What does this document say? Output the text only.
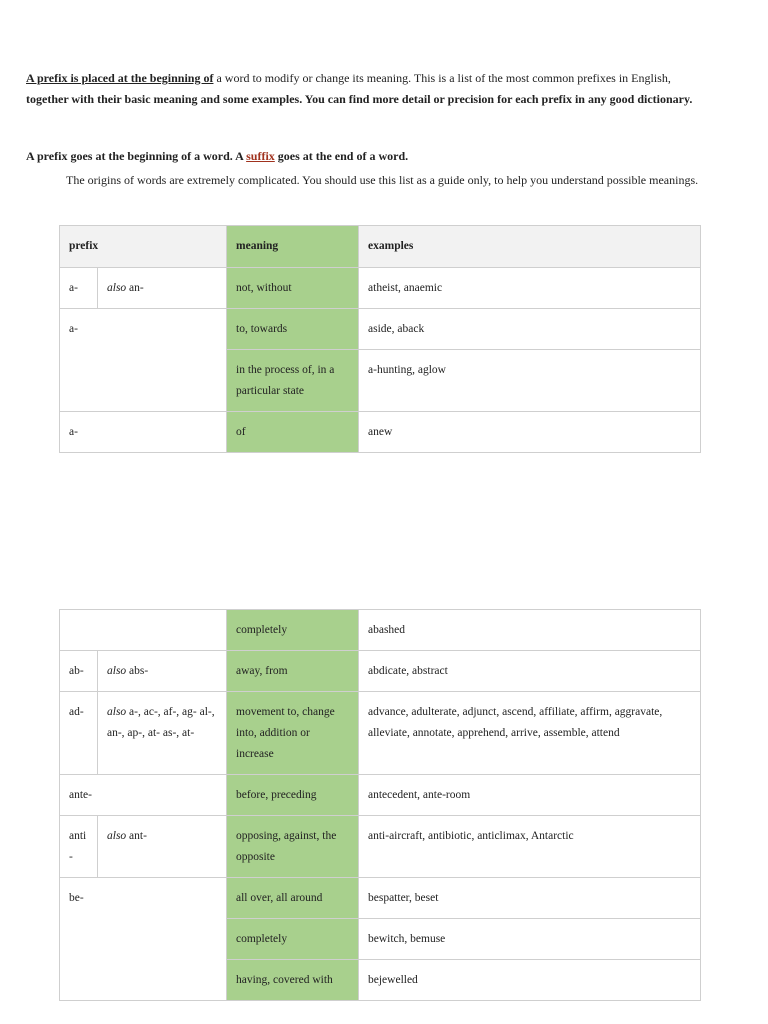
A prefix is placed at the beginning of a word to modify or change its meaning. This is a list of the most common prefixes in English, together with their basic meaning and some examples. You can find more detail or precision for each prefix in any good dictionary.

A prefix goes at the beginning of a word. A suffix goes at the end of a word.

The origins of words are extremely complicated. You should use this list as a guide only, to help you understand possible meanings.

prefix		meaning	examples
a-	also an-	not, without	atheist, anaemic
a-		to, towards	aside, aback
		in the process of, in a particular state	a-hunting, aglow
a-		of	anew
		completely	abashed
ab-	also abs-	away, from	abdicate, abstract
ad-	also a-, ac-, af-, ag- al-, an-, ap-, at- as-, at-	movement to, change into, addition or increase	advance, adulterate, adjunct, ascend, affiliate, affirm, aggravate, alleviate, annotate, apprehend, arrive, assemble, attend
ante-		before, preceding	antecedent, ante-room
anti -	also ant-	opposing, against, the opposite	anti-aircraft, antibiotic, anticlimax, Antarctic
be-		all over, all around	bespatter, beset
		completely	bewitch, bemuse
		having, covered with	bejewelled
